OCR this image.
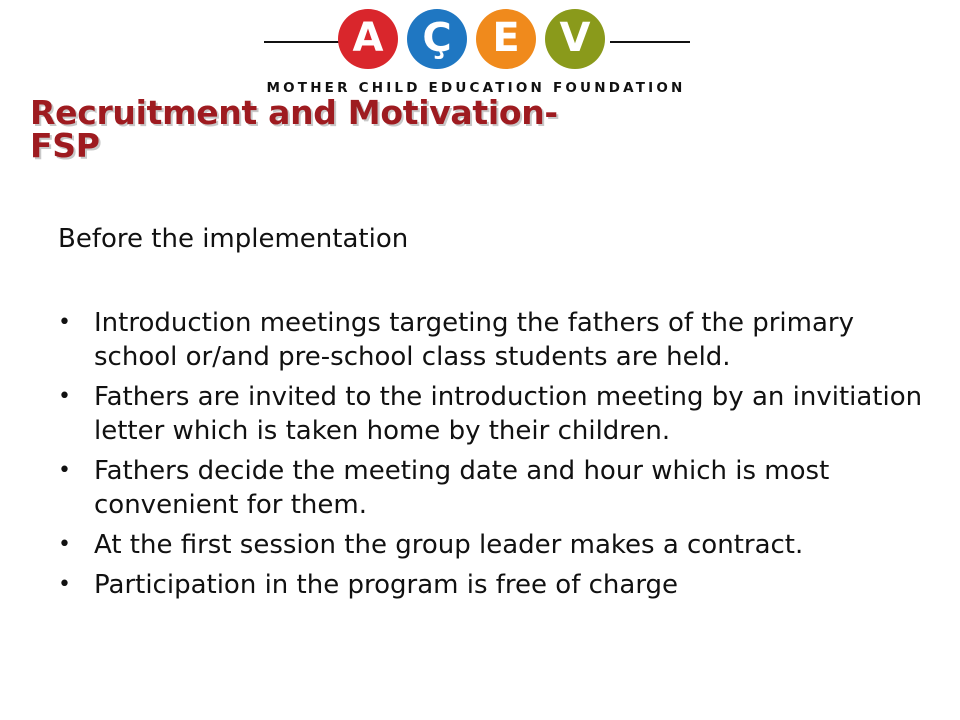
A Ç E V
MOTHER CHILD EDUCATION FOUNDATION
Recruitment and Motivation-
FSP

Before the implementation

• Introduction meetings targeting the fathers of the primary school or/and pre-school class students are held.
• Fathers are invited to the introduction meeting by an invitiation letter which is taken home by their children.
• Fathers decide the meeting date and hour which is most convenient for them.
• At the first session the group leader makes a contract.
• Participation in the program is free of charge
